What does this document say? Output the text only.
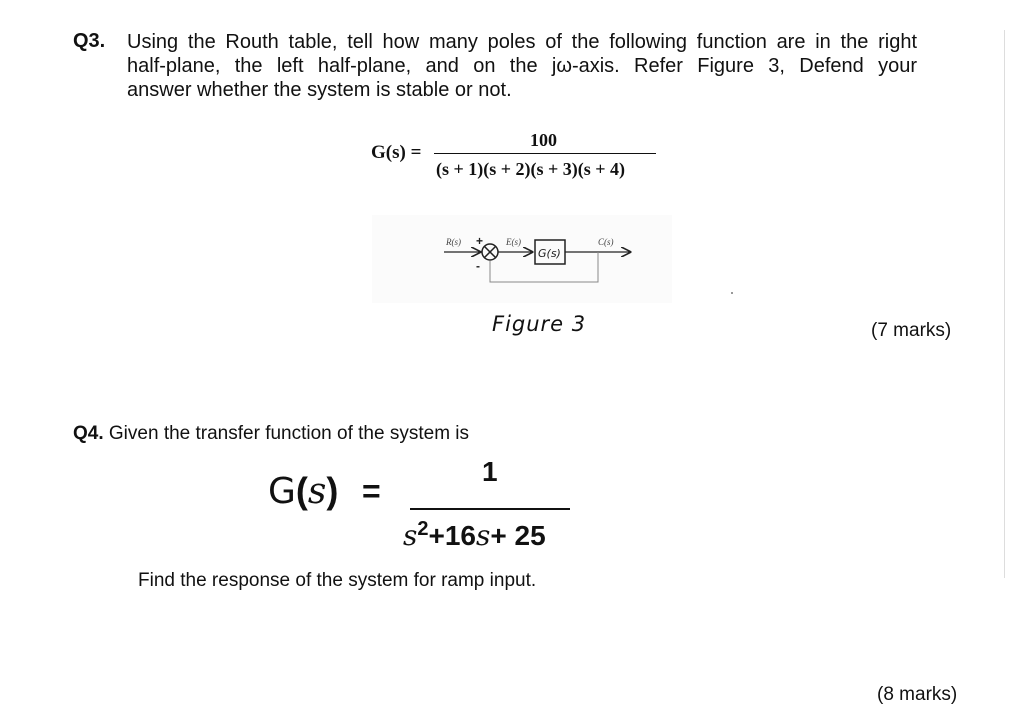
Q3. Using the Routh table, tell how many poles of the following function are in the right
half-plane, the left half-plane, and on the jω-axis. Refer Figure 3, Defend your
answer whether the system is stable or not.
G(s) =
100
(s + 1)(s + 2)(s + 3)(s + 4)
R(s) +
-
E(s)
G(s)
C(s)
Figure 3	(7 marks)
Q4. Given the transfer function of the system is
G(s) =
1
$s^2+16s+ 25$
Find the response of the system for ramp input.
(8 marks)
